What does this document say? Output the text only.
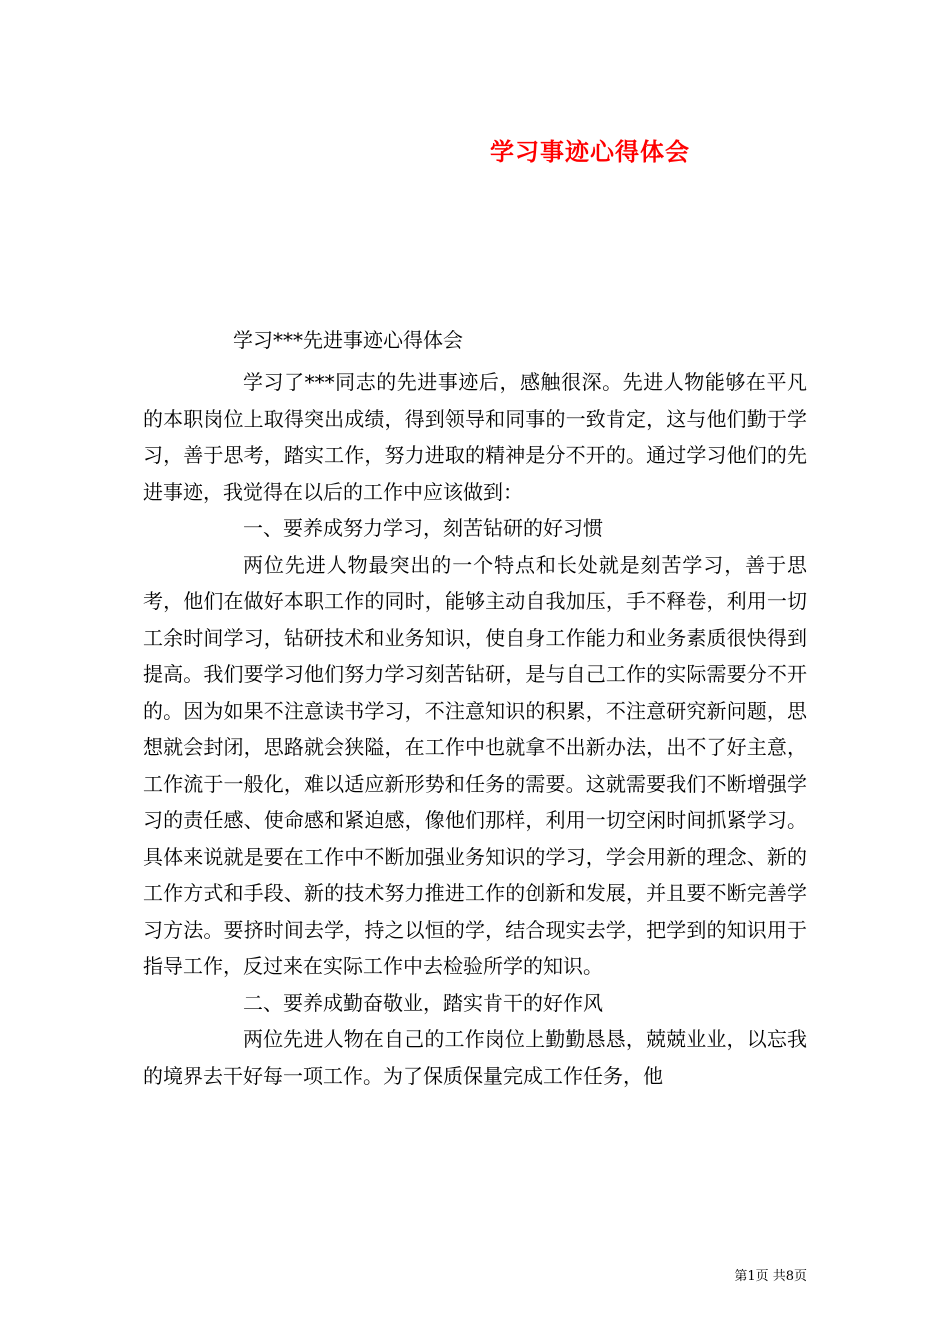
学习事迹心得体会
学习***先进事迹心得体会

学习了***同志的先进事迹后，感触很深。先进人物能够在平凡的本职岗位上取得突出成绩，得到领导和同事的一致肯定，这与他们勤于学习，善于思考，踏实工作，努力进取的精神是分不开的。通过学习他们的先进事迹，我觉得在以后的工作中应该做到：

一、要养成努力学习，刻苦钻研的好习惯

两位先进人物最突出的一个特点和长处就是刻苦学习，善于思考，他们在做好本职工作的同时，能够主动自我加压，手不释卷，利用一切工余时间学习，钻研技术和业务知识，使自身工作能力和业务素质很快得到提高。我们要学习他们努力学习刻苦钻研，是与自己工作的实际需要分不开的。因为如果不注意读书学习，不注意知识的积累，不注意研究新问题，思想就会封闭，思路就会狭隘，在工作中也就拿不出新办法，出不了好主意，工作流于一般化，难以适应新形势和任务的需要。这就需要我们不断增强学习的责任感、使命感和紧迫感，像他们那样，利用一切空闲时间抓紧学习。具体来说就是要在工作中不断加强业务知识的学习，学会用新的理念、新的工作方式和手段、新的技术努力推进工作的创新和发展，并且要不断完善学习方法。要挤时间去学，持之以恒的学，结合现实去学，把学到的知识用于指导工作，反过来在实际工作中去检验所学的知识。

二、要养成勤奋敬业，踏实肯干的好作风

两位先进人物在自己的工作岗位上勤勤恳恳，兢兢业业，以忘我的境界去干好每一项工作。为了保质保量完成工作任务，他

第1页 共8页
